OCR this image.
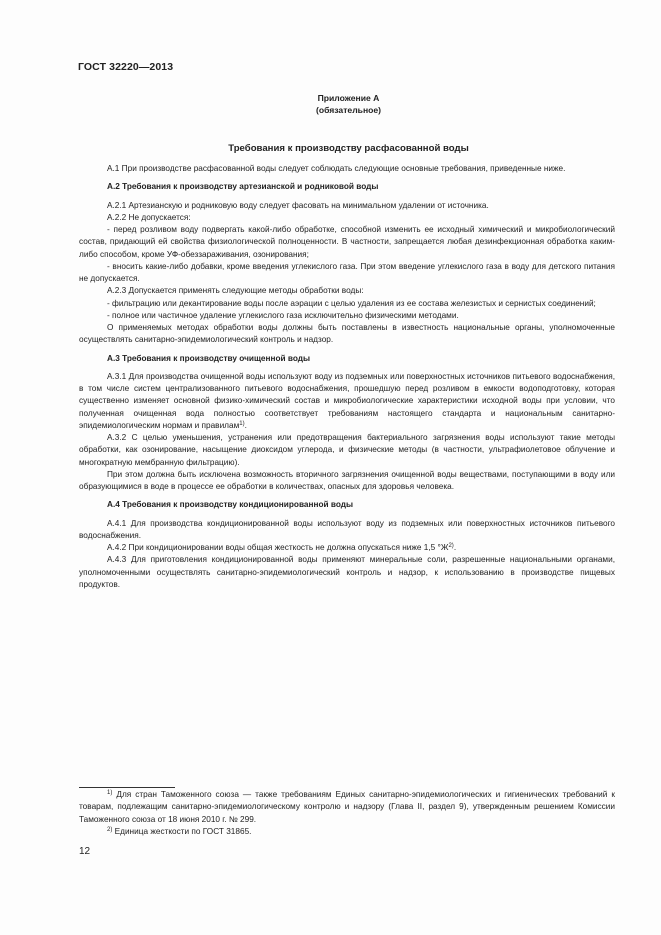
ГОСТ 32220—2013
Приложение А
(обязательное)
Требования к производству расфасованной воды

А.1 При производстве расфасованной воды следует соблюдать следующие основные требования, приведенные ниже.

А.2 Требования к производству артезианской и родниковой воды

А.2.1 Артезианскую и родниковую воду следует фасовать на минимальном удалении от источника.

А.2.2 Не допускается:

- перед розливом воду подвергать какой-либо обработке, способной изменить ее исходный химический и микробиологический состав, придающий ей свойства физиологической полноценности. В частности, запрещается любая дезинфекционная обработка каким-либо способом, кроме УФ-обеззараживания, озонирования;

- вносить какие-либо добавки, кроме введения углекислого газа. При этом введение углекислого газа в воду для детского питания не допускается.

А.2.3 Допускается применять следующие методы обработки воды:

- фильтрацию или декантирование воды после аэрации с целью удаления из ее состава железистых и сернистых соединений;

- полное или частичное удаление углекислого газа исключительно физическими методами.

О применяемых методах обработки воды должны быть поставлены в известность национальные органы, уполномоченные осуществлять санитарно-эпидемиологический контроль и надзор.

А.3 Требования к производству очищенной воды

А.3.1 Для производства очищенной воды используют воду из подземных или поверхностных источников питьевого водоснабжения, в том числе систем централизованного питьевого водоснабжения, прошедшую перед розливом в емкости водоподготовку, которая существенно изменяет основной физико-химический состав и микробиологические характеристики исходной воды при условии, что полученная очищенная вода полностью соответствует требованиям настоящего стандарта и национальным санитарно-эпидемиологическим нормам и правилам$^{1)}$.

А.3.2 С целью уменьшения, устранения или предотвращения бактериального загрязнения воды используют такие методы обработки, как озонирование, насыщение диоксидом углерода, и физические методы (в частности, ультрафиолетовое облучение и многократную мембранную фильтрацию).

При этом должна быть исключена возможность вторичного загрязнения очищенной воды веществами, поступающими в воду или образующимися в воде в процессе ее обработки в количествах, опасных для здоровья человека.

А.4 Требования к производству кондиционированной воды

А.4.1 Для производства кондиционированной воды используют воду из подземных или поверхностных источников питьевого водоснабжения.

А.4.2 При кондиционировании воды общая жесткость не должна опускаться ниже 1,5 $^\circ Ж^{2)}$.

А.4.3 Для приготовления кондиционированной воды применяют минеральные соли, разрешенные национальными органами, уполномоченными осуществлять санитарно-эпидемиологический контроль и надзор, к использованию в производстве пищевых продуктов.

$^{1)}$ Для стран Таможенного союза — также требованиям Единых санитарно-эпидемиологических и гигиенических требований к товарам, подлежащим санитарно-эпидемиологическому контролю и надзору (Глава II, раздел 9), утвержденным решением Комиссии Таможенного союза от 18 июня 2010 г. № 299.

$^{2)}$ Единица жесткости по ГОСТ 31865.

12
